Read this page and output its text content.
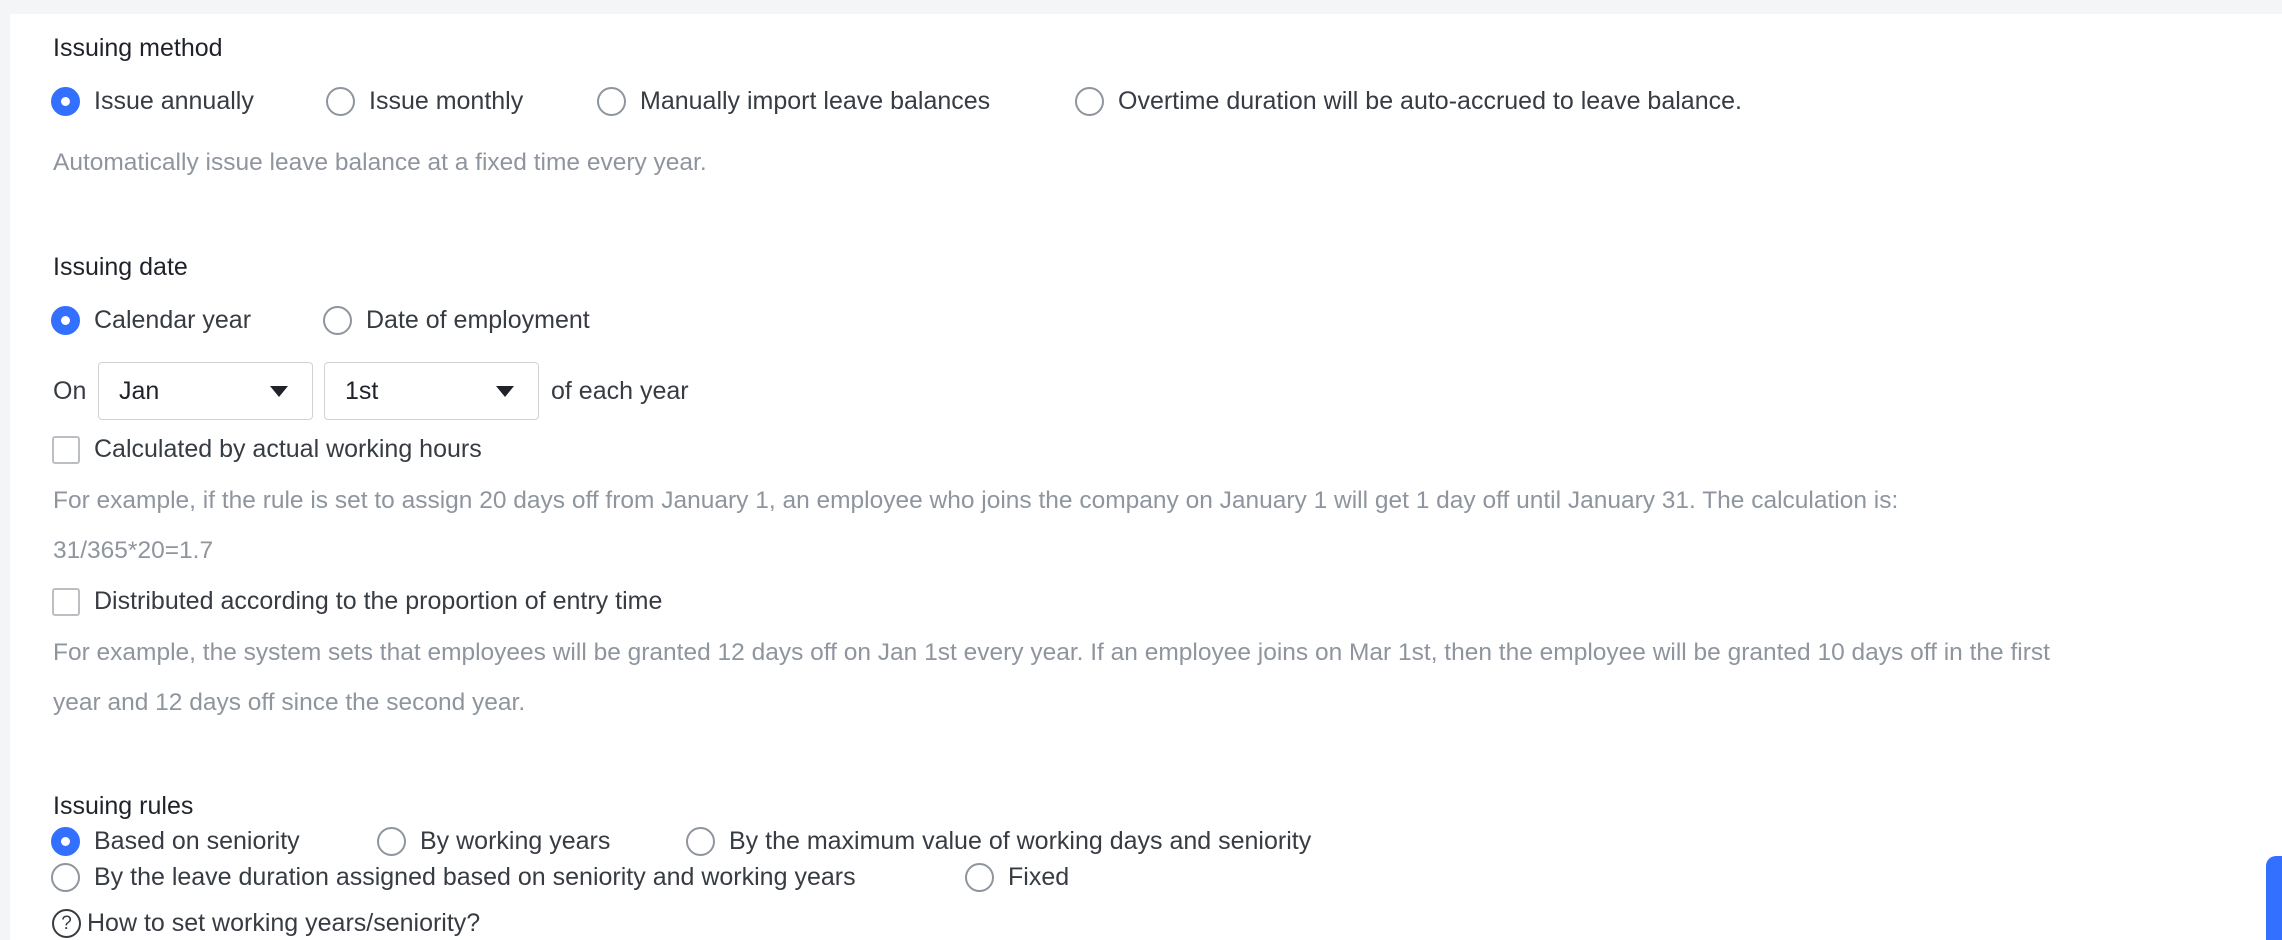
Issuing method
Issue annually	Issue monthly	Manually import leave balances	Overtime duration will be auto-accrued to leave balance.
Automatically issue leave balance at a fixed time every year.
Issuing date
Calendar year	Date of employment
On Jan	1st	of each year
Calculated by actual working hours
For example, if the rule is set to assign 20 days off from January 1, an employee who joins the company on January 1 will get 1 day off until January 31. The calculation is:
31/365*20=1.7
Distributed according to the proportion of entry time
For example, the system sets that employees will be granted 12 days off on Jan 1st every year. If an employee joins on Mar 1st, then the employee will be granted 10 days off in the first
year and 12 days off since the second year.
Issuing rules
Based on seniority	By working years	By the maximum value of working days and seniority
By the leave duration assigned based on seniority and working years	Fixed
? How to set working years/seniority?
